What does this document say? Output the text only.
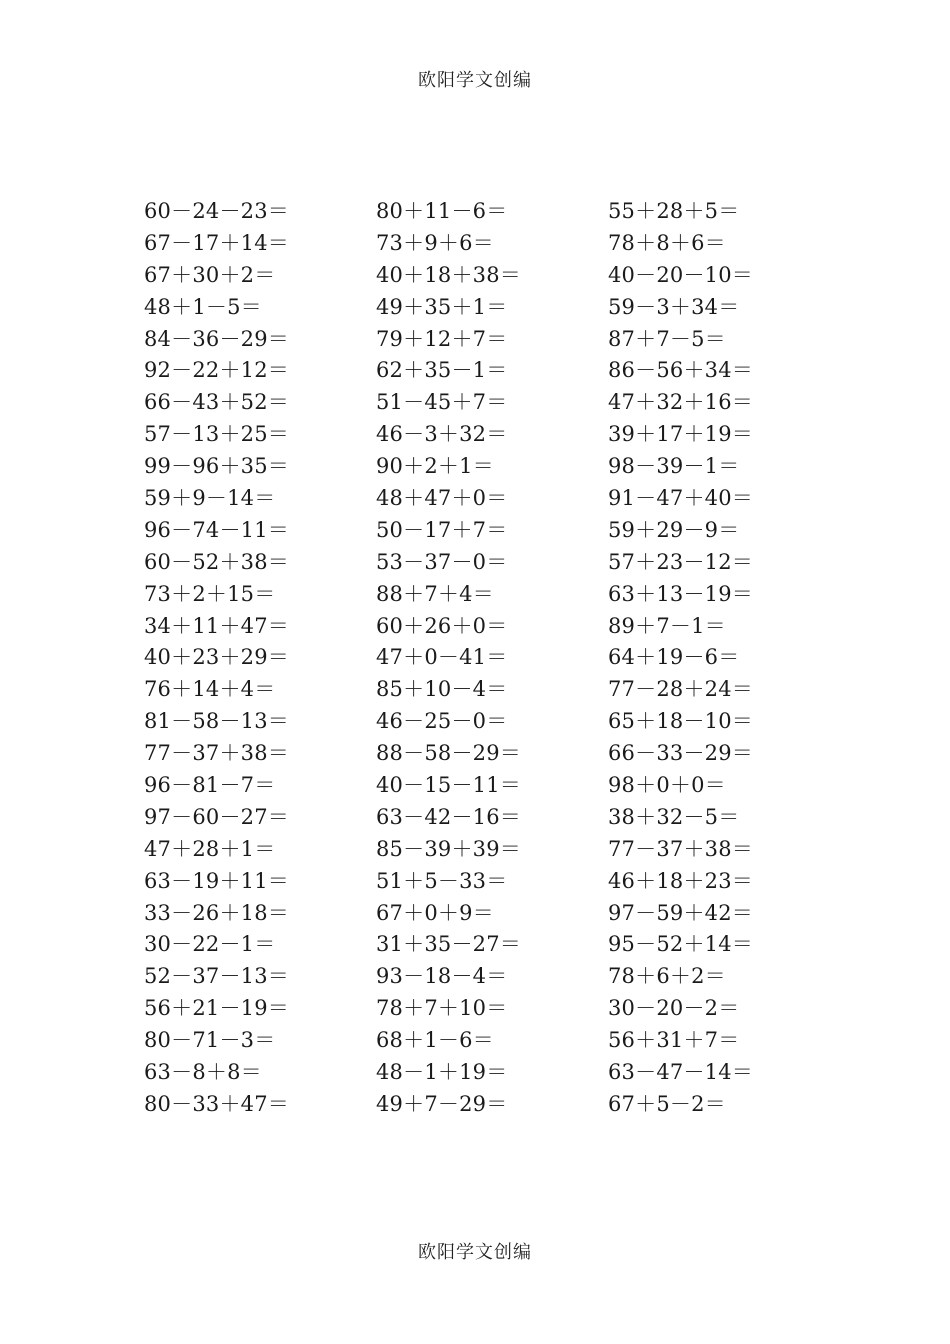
欧阳学文创编
60－24－23＝
67－17＋14＝
67＋30＋2＝
48＋1－5＝
84－36－29＝
92－22＋12＝
66－43＋52＝
57－13＋25＝
99－96＋35＝
59＋9－14＝
96－74－11＝
60－52＋38＝
73＋2＋15＝
34＋11＋47＝
40＋23＋29＝
76＋14＋4＝
81－58－13＝
77－37＋38＝
96－81－7＝
97－60－27＝
47＋28＋1＝
63－19＋11＝
33－26＋18＝
30－22－1＝
52－37－13＝
56＋21－19＝
80－71－3＝
63－8＋8＝
80－33＋47＝
80＋11－6＝
73＋9＋6＝
40＋18＋38＝
49＋35＋1＝
79＋12＋7＝
62＋35－1＝
51－45＋7＝
46－3＋32＝
90＋2＋1＝
48＋47＋0＝
50－17＋7＝
53－37－0＝
88＋7＋4＝
60＋26＋0＝
47＋0－41＝
85＋10－4＝
46－25－0＝
88－58－29＝
40－15－11＝
63－42－16＝
85－39＋39＝
51＋5－33＝
67＋0＋9＝
31＋35－27＝
93－18－4＝
78＋7＋10＝
68＋1－6＝
48－1＋19＝
49＋7－29＝
55＋28＋5＝
78＋8＋6＝
40－20－10＝
59－3＋34＝
87＋7－5＝
86－56＋34＝
47＋32＋16＝
39＋17＋19＝
98－39－1＝
91－47＋40＝
59＋29－9＝
57＋23－12＝
63＋13－19＝
89＋7－1＝
64＋19－6＝
77－28＋24＝
65＋18－10＝
66－33－29＝
98＋0＋0＝
38＋32－5＝
77－37＋38＝
46＋18＋23＝
97－59＋42＝
95－52＋14＝
78＋6＋2＝
30－20－2＝
56＋31＋7＝
63－47－14＝
67＋5－2＝
欧阳学文创编
